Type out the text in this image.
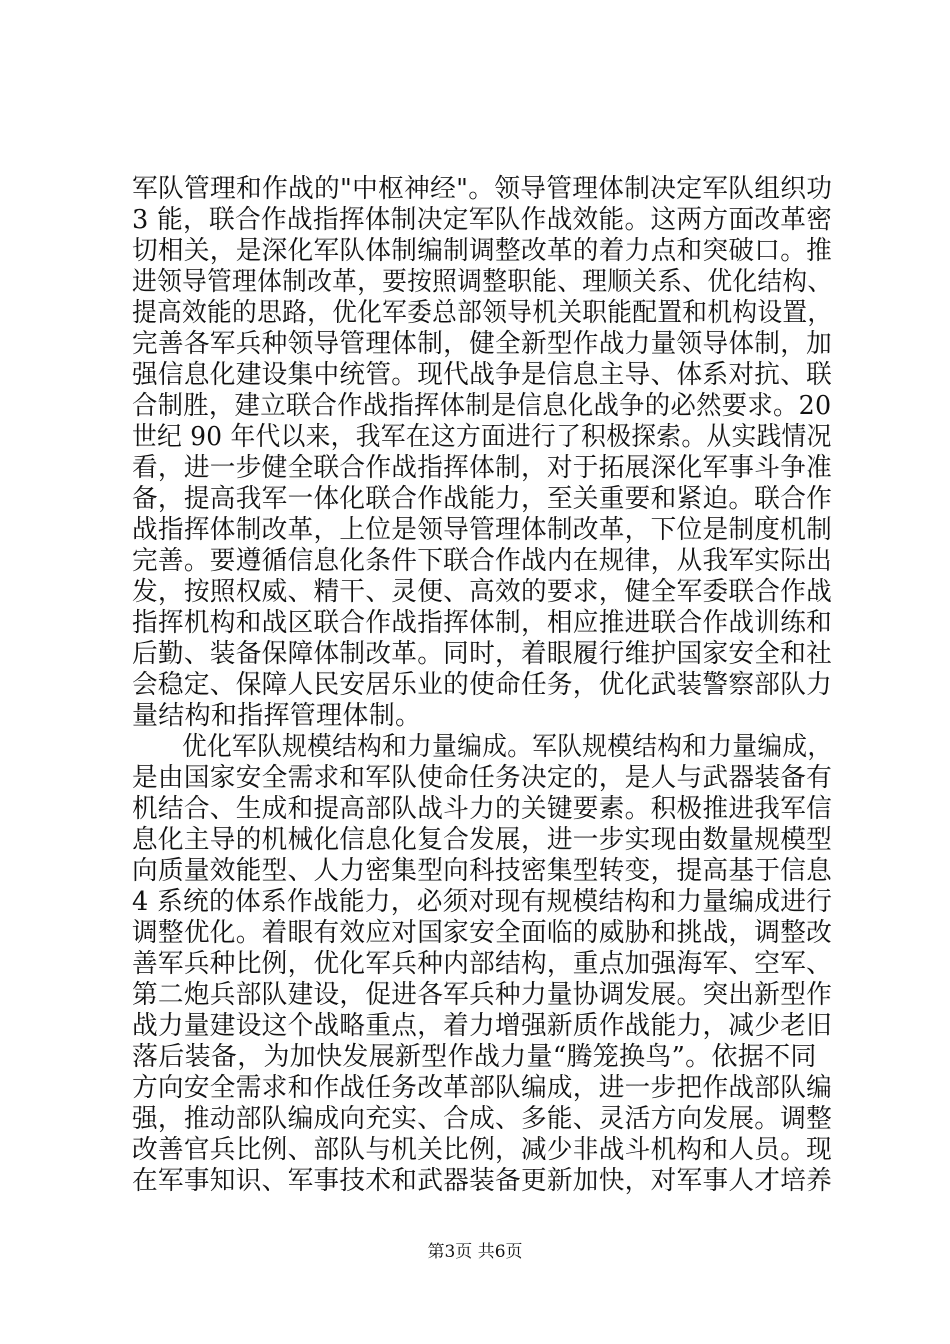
军队管理和作战的"中枢神经"。领导管理体制决定军队组织功
3 能，联合作战指挥体制决定军队作战效能。这两方面改革密
切相关，是深化军队体制编制调整改革的着力点和突破口。推
进领导管理体制改革，要按照调整职能、理顺关系、优化结构、
提高效能的思路，优化军委总部领导机关职能配置和机构设置，
完善各军兵种领导管理体制，健全新型作战力量领导体制，加
强信息化建设集中统管。现代战争是信息主导、体系对抗、联
合制胜，建立联合作战指挥体制是信息化战争的必然要求。20
世纪 90 年代以来，我军在这方面进行了积极探索。从实践情况
看，进一步健全联合作战指挥体制，对于拓展深化军事斗争准
备，提高我军一体化联合作战能力，至关重要和紧迫。联合作
战指挥体制改革，上位是领导管理体制改革，下位是制度机制
完善。要遵循信息化条件下联合作战内在规律，从我军实际出
发，按照权威、精干、灵便、高效的要求，健全军委联合作战
指挥机构和战区联合作战指挥体制，相应推进联合作战训练和
后勤、装备保障体制改革。同时，着眼履行维护国家安全和社
会稳定、保障人民安居乐业的使命任务，优化武装警察部队力
量结构和指挥管理体制。
　　优化军队规模结构和力量编成。军队规模结构和力量编成，
是由国家安全需求和军队使命任务决定的，是人与武器装备有
机结合、生成和提高部队战斗力的关键要素。积极推进我军信
息化主导的机械化信息化复合发展，进一步实现由数量规模型
向质量效能型、人力密集型向科技密集型转变，提高基于信息
4 系统的体系作战能力，必须对现有规模结构和力量编成进行
调整优化。着眼有效应对国家安全面临的威胁和挑战，调整改
善军兵种比例，优化军兵种内部结构，重点加强海军、空军、
第二炮兵部队建设，促进各军兵种力量协调发展。突出新型作
战力量建设这个战略重点，着力增强新质作战能力，减少老旧
落后装备，为加快发展新型作战力量“腾笼换鸟”。依据不同
方向安全需求和作战任务改革部队编成，进一步把作战部队编
强，推动部队编成向充实、合成、多能、灵活方向发展。调整
改善官兵比例、部队与机关比例，减少非战斗机构和人员。现
在军事知识、军事技术和武器装备更新加快，对军事人才培养
第3页 共6页
